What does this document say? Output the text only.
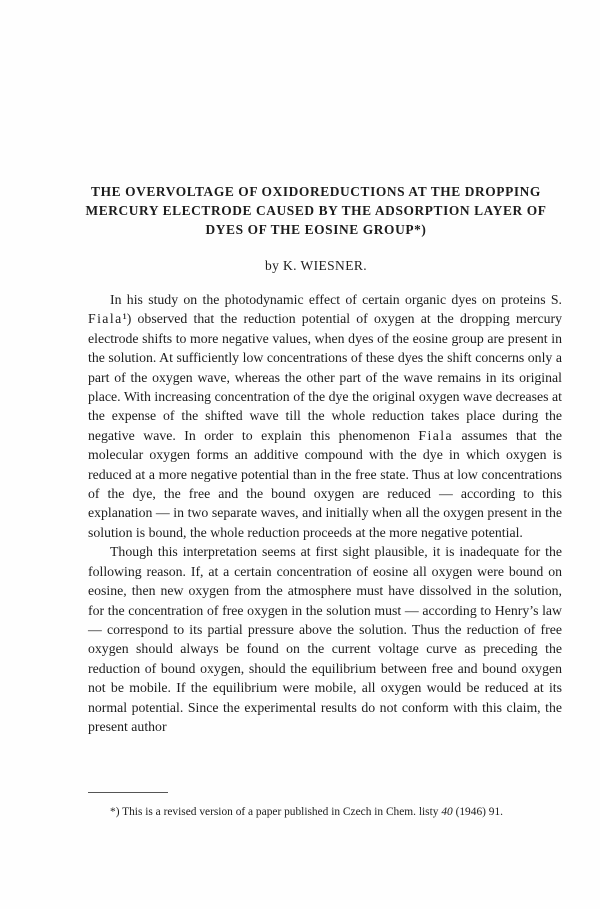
THE OVERVOLTAGE OF OXIDOREDUCTIONS AT THE DROPPING MERCURY ELECTRODE CAUSED BY THE ADSORPTION LAYER OF DYES OF THE EOSINE GROUP*)

by K. WIESNER.

In his study on the photodynamic effect of certain organic dyes on proteins S. Fiala¹) observed that the reduction potential of oxygen at the dropping mercury electrode shifts to more negative values, when dyes of the eosine group are present in the solution. At sufficiently low concentrations of these dyes the shift concerns only a part of the oxygen wave, whereas the other part of the wave remains in its original place. With increasing concentration of the dye the original oxygen wave decreases at the expense of the shifted wave till the whole reduction takes place during the negative wave. In order to explain this phenomenon Fiala assumes that the molecular oxygen forms an additive compound with the dye in which oxygen is reduced at a more negative potential than in the free state. Thus at low concentrations of the dye, the free and the bound oxygen are reduced — according to this explanation — in two separate waves, and initially when all the oxygen present in the solution is bound, the whole reduction proceeds at the more negative potential.

Though this interpretation seems at first sight plausible, it is inadequate for the following reason. If, at a certain concentration of eosine all oxygen were bound on eosine, then new oxygen from the atmosphere must have dissolved in the solution, for the concentration of free oxygen in the solution must — according to Henry’s law — correspond to its partial pressure above the solution. Thus the reduction of free oxygen should always be found on the current voltage curve as preceding the reduction of bound oxygen, should the equilibrium between free and bound oxygen not be mobile. If the equilibrium were mobile, all oxygen would be reduced at its normal potential. Since the experimental results do not conform with this claim, the present author

*) This is a revised version of a paper published in Czech in Chem. listy 40 (1946) 91.
